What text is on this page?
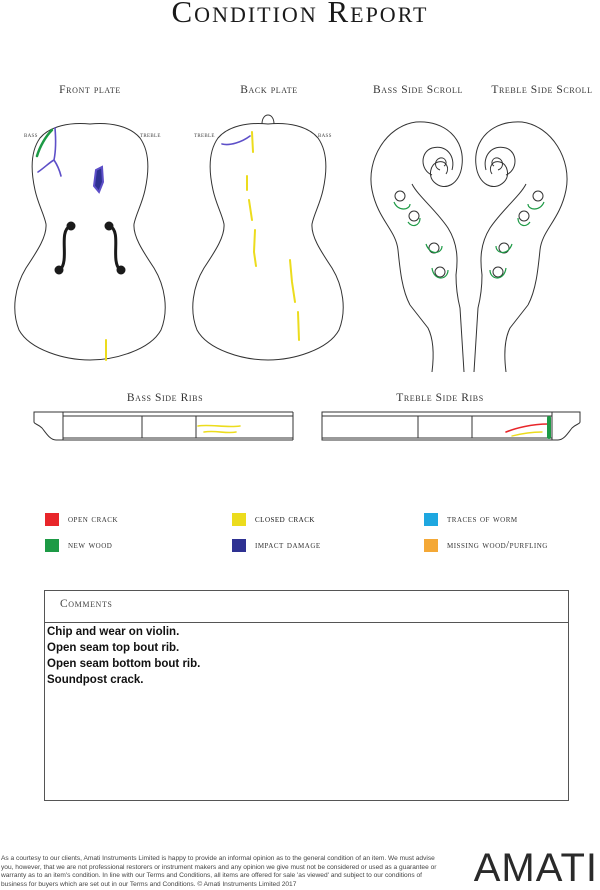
Condition Report
Front plate	Back plate	Bass Side Scroll	Treble Side Scroll
Bass Side Ribs	Treble Side Ribs
bass	treble	treble	bass
open crack	closed crack	traces of worm
new wood	impact damage	missing wood/purfling
Comments
Chip and wear on violin.
Open seam top bout rib.
Open seam bottom bout rib.
Soundpost crack.
As a courtesy to our clients, Amati Instruments Limited is happy to provide an informal opinion as to the general condition of an item. We must advise you, however, that we are not professional restorers or instrument makers and any opinion we give must not be considered or used as a guarantee or warranty as to an item's condition. In line with our Terms and Conditions, all items are offered for sale 'as viewed' and subject to our conditions of business for buyers which are set out in our Terms and Conditions. © Amati Instruments Limited 2017	AMATI
